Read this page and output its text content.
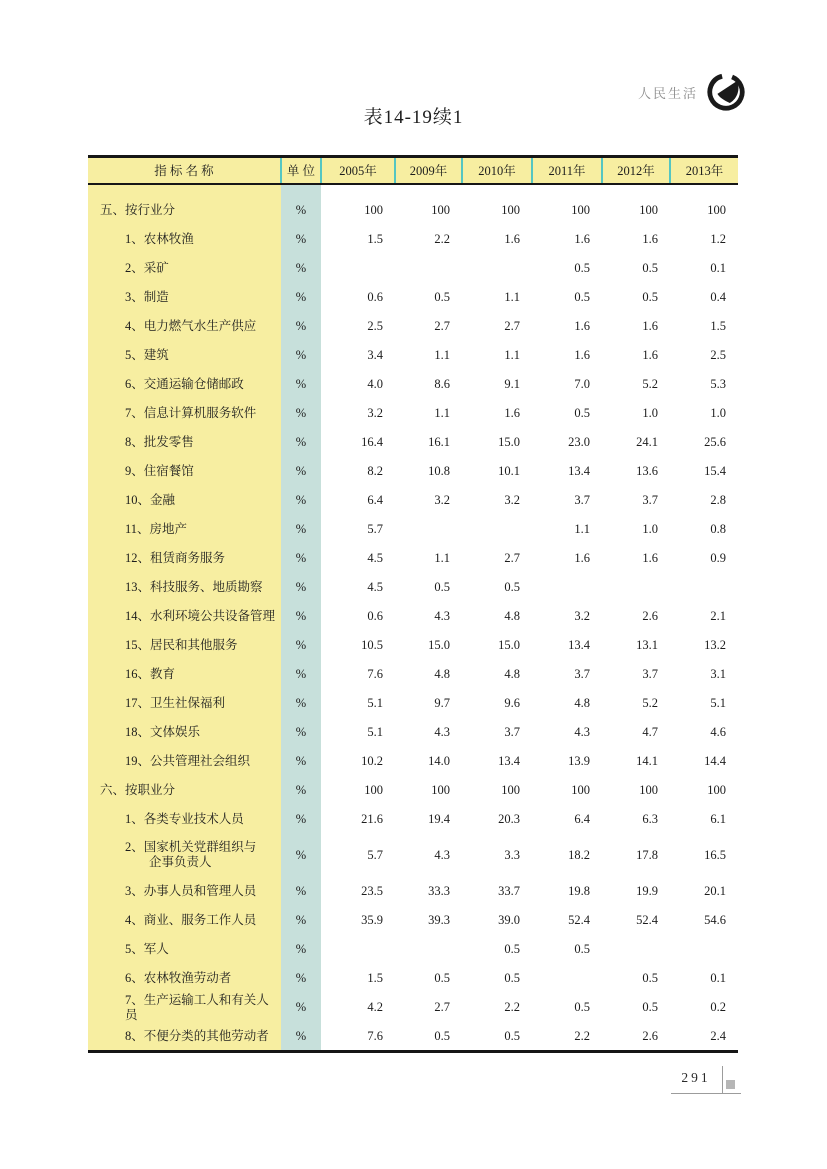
人民生活
表14-19续1
指 标 名 称	单 位	2005年	2009年	2010年	2011年	2012年	2013年

五、按行业分	%	100	100	100	100	100	100
1、农林牧渔	%	1.5	2.2	1.6	1.6	1.6	1.2
2、采矿	%				0.5	0.5	0.1
3、制造	%	0.6	0.5	1.1	0.5	0.5	0.4
4、电力燃气水生产供应	%	2.5	2.7	2.7	1.6	1.6	1.5
5、建筑	%	3.4	1.1	1.1	1.6	1.6	2.5
6、交通运输仓储邮政	%	4.0	8.6	9.1	7.0	5.2	5.3
7、信息计算机服务软件	%	3.2	1.1	1.6	0.5	1.0	1.0
8、批发零售	%	16.4	16.1	15.0	23.0	24.1	25.6
9、住宿餐馆	%	8.2	10.8	10.1	13.4	13.6	15.4
10、金融	%	6.4	3.2	3.2	3.7	3.7	2.8
11、房地产	%	5.7			1.1	1.0	0.8
12、租赁商务服务	%	4.5	1.1	2.7	1.6	1.6	0.9
13、科技服务、地质勘察	%	4.5	0.5	0.5			
14、水利环境公共设备管理	%	0.6	4.3	4.8	3.2	2.6	2.1
15、居民和其他服务	%	10.5	15.0	15.0	13.4	13.1	13.2
16、教育	%	7.6	4.8	4.8	3.7	3.7	3.1
17、卫生社保福利	%	5.1	9.7	9.6	4.8	5.2	5.1
18、文体娱乐	%	5.1	4.3	3.7	4.3	4.7	4.6
19、公共管理社会组织	%	10.2	14.0	13.4	13.9	14.1	14.4
六、按职业分	%	100	100	100	100	100	100
1、各类专业技术人员	%	21.6	19.4	20.3	6.4	6.3	6.1
2、国家机关党群组织与
企事负责人	%	5.7	4.3	3.3	18.2	17.8	16.5
3、办事人员和管理人员	%	23.5	33.3	33.7	19.8	19.9	20.1
4、商业、服务工作人员	%	35.9	39.3	39.0	52.4	52.4	54.6
5、军人	%			0.5	0.5		
6、农林牧渔劳动者	%	1.5	0.5	0.5		0.5	0.1
7、生产运输工人和有关人员	%	4.2	2.7	2.2	0.5	0.5	0.2
8、不便分类的其他劳动者	%	7.6	0.5	0.5	2.2	2.6	2.4
291
